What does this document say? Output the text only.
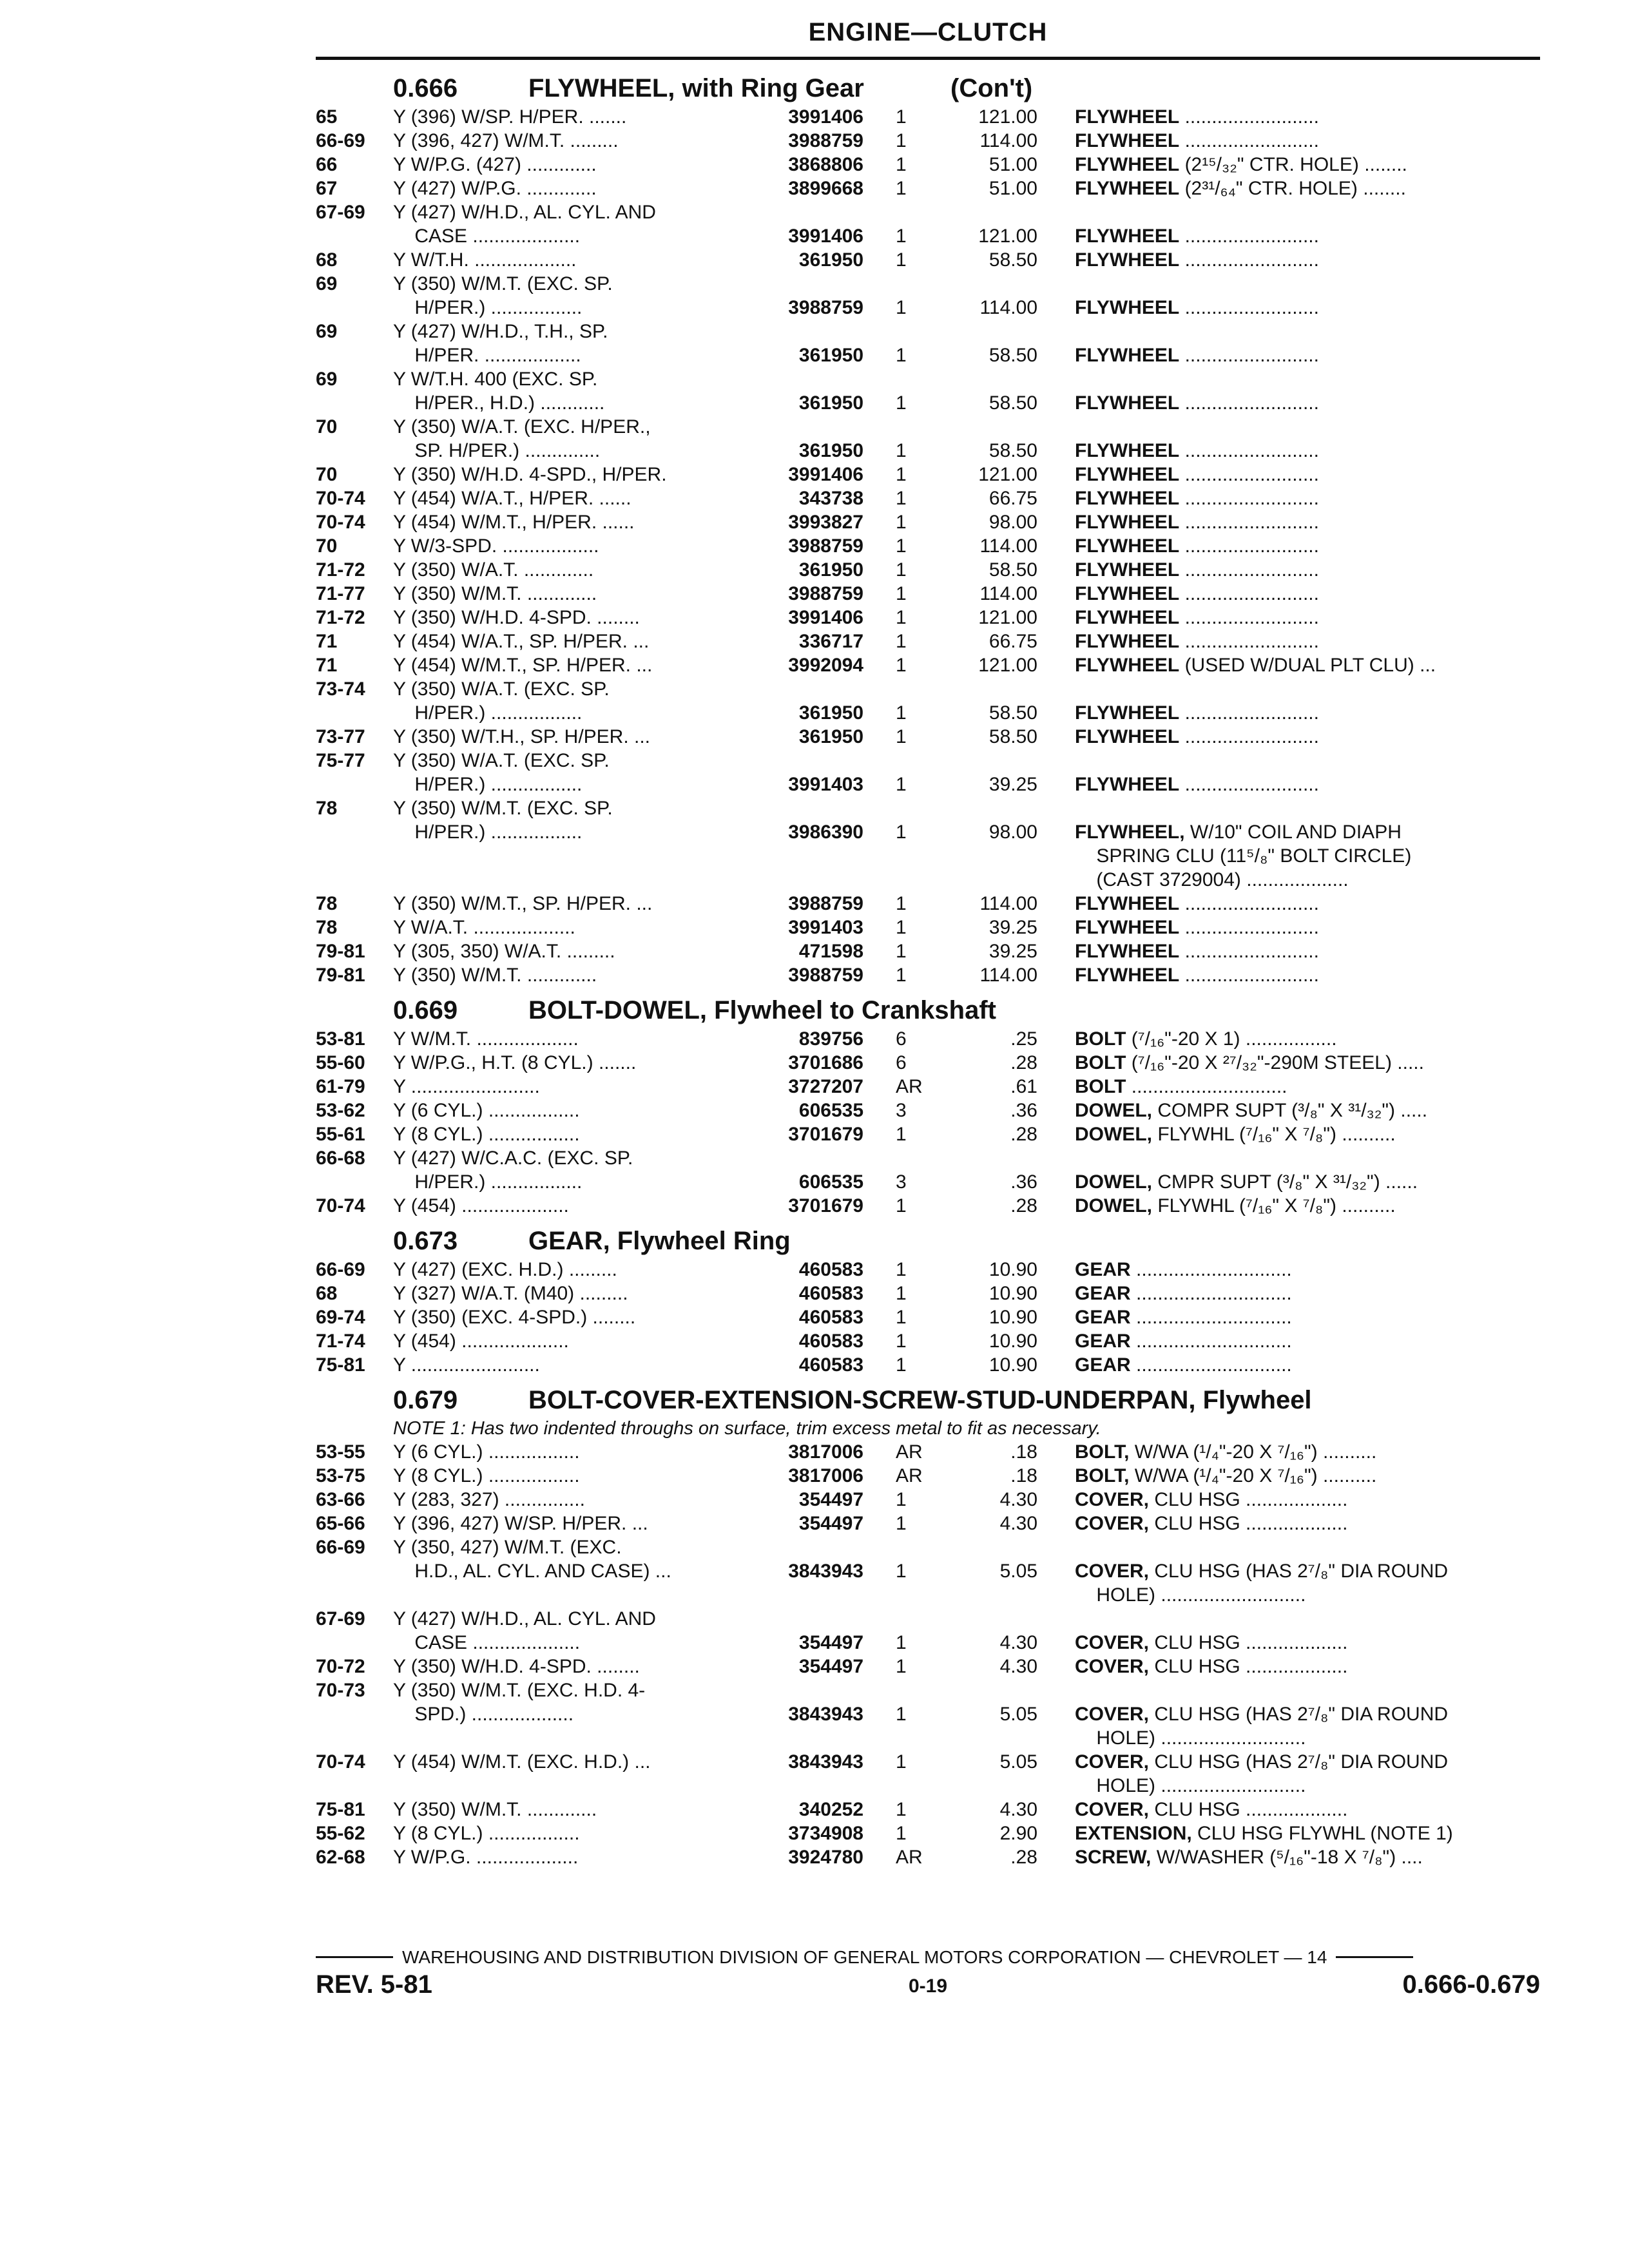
ENGINE—CLUTCH
0.666	FLYWHEEL, with Ring Gear	(Con't)
65	Y (396) W/SP. H/PER. .......	3991406 1	121.00 FLYWHEEL .........................
66-69	Y (396, 427) W/M.T. .........	3988759 1	114.00 FLYWHEEL .........................
66	Y W/P.G. (427) .............	3868806 1	51.00 FLYWHEEL (2¹⁵/₃₂" CTR. HOLE) ........
67	Y (427) W/P.G. .............	3899668 1	51.00 FLYWHEEL (2³¹/₆₄" CTR. HOLE) ........
67-69	Y (427) W/H.D., AL. CYL. AND
CASE ....................	3991406 1	121.00 FLYWHEEL .........................
68	Y W/T.H. ...................	361950 1	58.50 FLYWHEEL .........................
69	Y (350) W/M.T. (EXC. SP.
H/PER.) .................	3988759 1	114.00 FLYWHEEL .........................
69	Y (427) W/H.D., T.H., SP.
H/PER. ..................	361950 1	58.50 FLYWHEEL .........................
69	Y W/T.H. 400 (EXC. SP.
H/PER., H.D.) ............	361950 1	58.50 FLYWHEEL .........................
70	Y (350) W/A.T. (EXC. H/PER.,
SP. H/PER.) ..............	361950 1	58.50 FLYWHEEL .........................
70	Y (350) W/H.D. 4-SPD., H/PER.	3991406 1	121.00 FLYWHEEL .........................
70-74	Y (454) W/A.T., H/PER. ......	343738 1	66.75 FLYWHEEL .........................
70-74	Y (454) W/M.T., H/PER. ......	3993827 1	98.00 FLYWHEEL .........................
70	Y W/3-SPD. ..................	3988759 1	114.00 FLYWHEEL .........................
71-72	Y (350) W/A.T. .............	361950 1	58.50 FLYWHEEL .........................
71-77	Y (350) W/M.T. .............	3988759 1	114.00 FLYWHEEL .........................
71-72	Y (350) W/H.D. 4-SPD. ........	3991406 1	121.00 FLYWHEEL .........................
71	Y (454) W/A.T., SP. H/PER. ...	336717 1	66.75 FLYWHEEL .........................
71	Y (454) W/M.T., SP. H/PER. ...	3992094 1	121.00 FLYWHEEL (USED W/DUAL PLT CLU) ...
73-74	Y (350) W/A.T. (EXC. SP.
H/PER.) .................	361950 1	58.50 FLYWHEEL .........................
73-77	Y (350) W/T.H., SP. H/PER. ...	361950 1	58.50 FLYWHEEL .........................
75-77	Y (350) W/A.T. (EXC. SP.
H/PER.) .................	3991403 1	39.25 FLYWHEEL .........................
78	Y (350) W/M.T. (EXC. SP.
H/PER.) .................	3986390 1	98.00 FLYWHEEL, W/10" COIL AND DIAPH
SPRING CLU (11⁵/₈" BOLT CIRCLE)
(CAST 3729004) ...................
78	Y (350) W/M.T., SP. H/PER. ...	3988759 1	114.00 FLYWHEEL .........................
78	Y W/A.T. ...................	3991403 1	39.25 FLYWHEEL .........................
79-81	Y (305, 350) W/A.T. .........	471598 1	39.25 FLYWHEEL .........................
79-81	Y (350) W/M.T. .............	3988759 1	114.00 FLYWHEEL .........................
0.669	BOLT-DOWEL, Flywheel to Crankshaft
53-81	Y W/M.T. ...................	839756 6	.25 BOLT (⁷/₁₆"-20 X 1) .................
55-60	Y W/P.G., H.T. (8 CYL.) .......	3701686 6	.28 BOLT (⁷/₁₆"-20 X ²⁷/₃₂"-290M STEEL) .....
61-79	Y ........................	3727207 AR	.61 BOLT .............................
53-62	Y (6 CYL.) .................	606535 3	.36 DOWEL, COMPR SUPT (³/₈" X ³¹/₃₂") .....
55-61	Y (8 CYL.) .................	3701679 1	.28 DOWEL, FLYWHL (⁷/₁₆" X ⁷/₈") ..........
66-68	Y (427) W/C.A.C. (EXC. SP.
H/PER.) .................	606535 3	.36 DOWEL, CMPR SUPT (³/₈" X ³¹/₃₂") ......
70-74	Y (454) ....................	3701679 1	.28 DOWEL, FLYWHL (⁷/₁₆" X ⁷/₈") ..........
0.673	GEAR, Flywheel Ring
66-69	Y (427) (EXC. H.D.) .........	460583 1	10.90 GEAR .............................
68	Y (327) W/A.T. (M40) .........	460583 1	10.90 GEAR .............................
69-74	Y (350) (EXC. 4-SPD.) ........	460583 1	10.90 GEAR .............................
71-74	Y (454) ....................	460583 1	10.90 GEAR .............................
75-81	Y ........................	460583 1	10.90 GEAR .............................
0.679	BOLT-COVER-EXTENSION-SCREW-STUD-UNDERPAN, Flywheel
NOTE 1: Has two indented throughs on surface, trim excess metal to fit as necessary.
53-55	Y (6 CYL.) .................	3817006 AR	.18 BOLT, W/WA (¹/₄"-20 X ⁷/₁₆") ..........
53-75	Y (8 CYL.) .................	3817006 AR	.18 BOLT, W/WA (¹/₄"-20 X ⁷/₁₆") ..........
63-66	Y (283, 327) ...............	354497 1	4.30 COVER, CLU HSG ...................
65-66	Y (396, 427) W/SP. H/PER. ...	354497 1	4.30 COVER, CLU HSG ...................
66-69	Y (350, 427) W/M.T. (EXC.
H.D., AL. CYL. AND CASE) ...	3843943 1	5.05 COVER, CLU HSG (HAS 2⁷/₈" DIA ROUND
HOLE) ...........................
67-69	Y (427) W/H.D., AL. CYL. AND
CASE ....................	354497 1	4.30 COVER, CLU HSG ...................
70-72	Y (350) W/H.D. 4-SPD. ........	354497 1	4.30 COVER, CLU HSG ...................
70-73	Y (350) W/M.T. (EXC. H.D. 4-
SPD.) ...................	3843943 1	5.05 COVER, CLU HSG (HAS 2⁷/₈" DIA ROUND
HOLE) ...........................
70-74	Y (454) W/M.T. (EXC. H.D.) ...	3843943 1	5.05 COVER, CLU HSG (HAS 2⁷/₈" DIA ROUND
HOLE) ...........................
75-81	Y (350) W/M.T. .............	340252 1	4.30 COVER, CLU HSG ...................
55-62	Y (8 CYL.) .................	3734908 1	2.90 EXTENSION, CLU HSG FLYWHL (NOTE 1)
62-68	Y W/P.G. ...................	3924780 AR	.28 SCREW, W/WASHER (⁵/₁₆"-18 X ⁷/₈") ....
WAREHOUSING AND DISTRIBUTION DIVISION OF GENERAL MOTORS CORPORATION — CHEVROLET — 14
REV. 5-81	0-19	0.666-0.679
